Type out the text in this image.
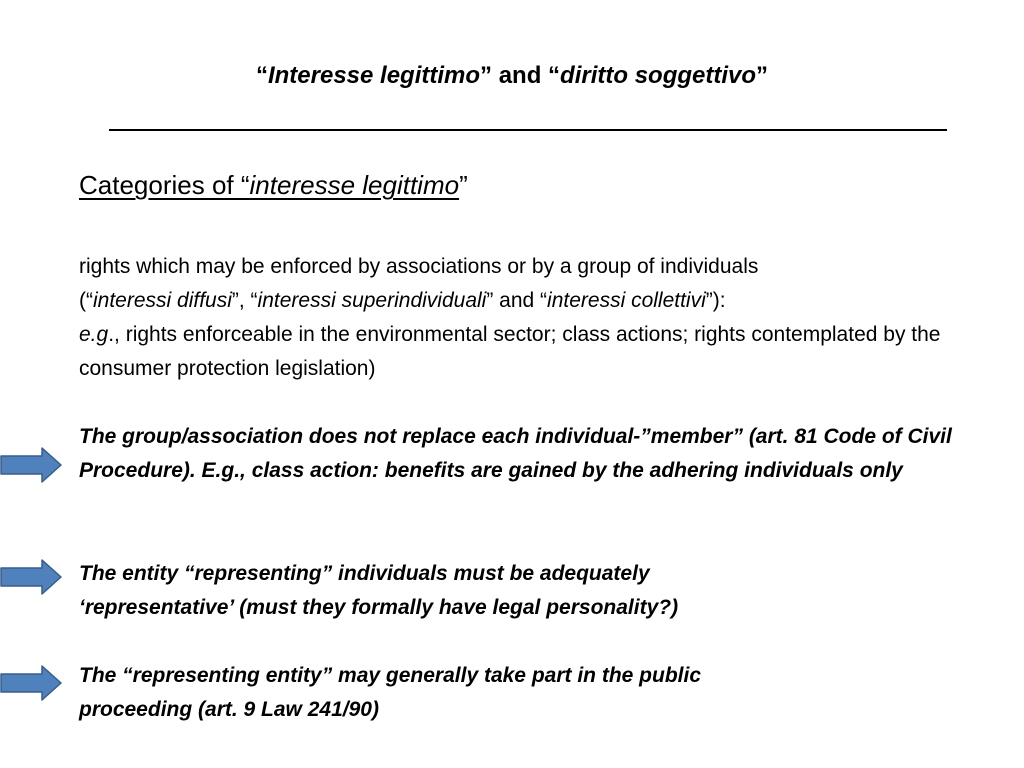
“Interesse legittimo” and “diritto soggettivo”
Categories of “interesse legittimo”
rights which may be enforced by associations or by a group of individuals
(“interessi diffusi”, “interessi superindividuali” and “interessi collettivi”):
e.g., rights enforceable in the environmental sector; class actions; rights contemplated by the consumer protection legislation)
The group/association does not replace each individual-”member” (art. 81 Code of Civil Procedure). E.g., class action: benefits are gained by the adhering individuals only
The entity “representing” individuals must be adequately
‘representative’ (must they formally have legal personality?)
The “representing entity” may generally take part in the public
proceeding (art. 9 Law 241/90)
